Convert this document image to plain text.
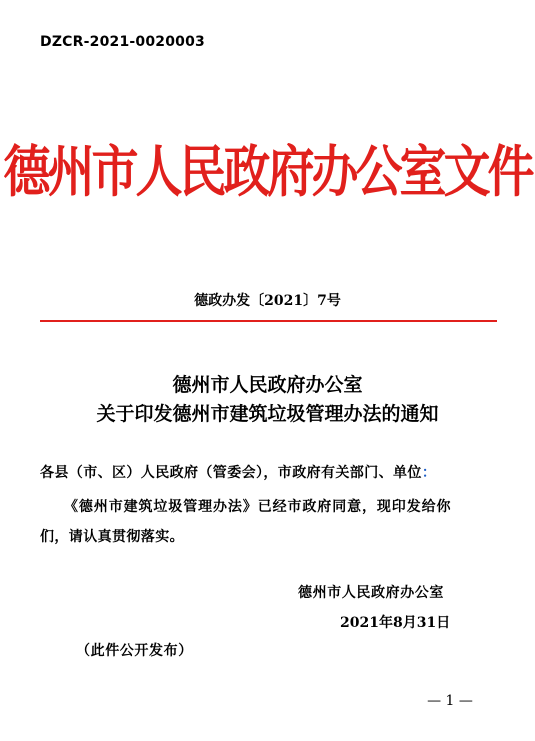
DZCR-2021-0020003
德州市人民政府办公室文件
德政办发〔2021〕7号
德州市人民政府办公室
关于印发德州市建筑垃圾管理办法的通知
各县（市、区）人民政府（管委会），市政府有关部门、单位：
《德州市建筑垃圾管理办法》已经市政府同意，现印发给你
们，请认真贯彻落实。
德州市人民政府办公室
2021年8月31日
（此件公开发布）
— 1 —
